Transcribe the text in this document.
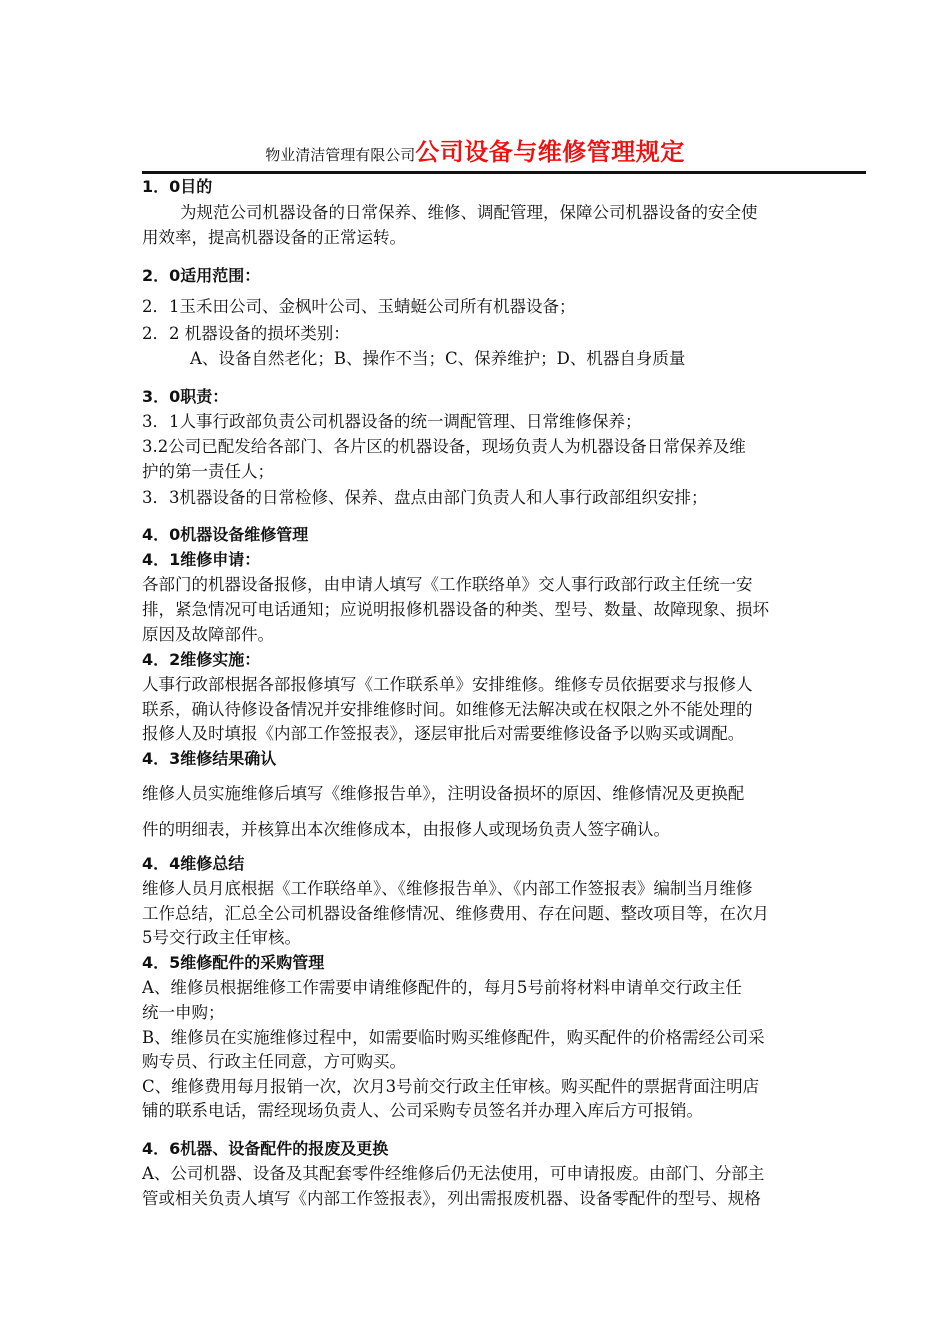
物业清洁管理有限公司公司设备与维修管理规定
1．0目的
为规范公司机器设备的日常保养、维修、调配管理，保障公司机器设备的安全使
用效率，提高机器设备的正常运转。
2．0适用范围：
2．1玉禾田公司、金枫叶公司、玉蜻蜓公司所有机器设备；
2．2 机器设备的损坏类别：
A、设备自然老化；B、操作不当；C、保养维护；D、机器自身质量
3．0职责：
3．1人事行政部负责公司机器设备的统一调配管理、日常维修保养；
3.2公司已配发给各部门、各片区的机器设备，现场负责人为机器设备日常保养及维
护的第一责任人；
3．3机器设备的日常检修、保养、盘点由部门负责人和人事行政部组织安排；
4．0机器设备维修管理
4．1维修申请：
各部门的机器设备报修，由申请人填写《工作联络单》交人事行政部行政主任统一安
排，紧急情况可电话通知；应说明报修机器设备的种类、型号、数量、故障现象、损坏
原因及故障部件。
4．2维修实施：
人事行政部根据各部报修填写《工作联系单》安排维修。维修专员依据要求与报修人
联系，确认待修设备情况并安排维修时间。如维修无法解决或在权限之外不能处理的
报修人及时填报《内部工作签报表》，逐层审批后对需要维修设备予以购买或调配。
4．3维修结果确认
维修人员实施维修后填写《维修报告单》，注明设备损坏的原因、维修情况及更换配
件的明细表，并核算出本次维修成本，由报修人或现场负责人签字确认。
4．4维修总结
维修人员月底根据《工作联络单》、《维修报告单》、《内部工作签报表》编制当月维修
工作总结，汇总全公司机器设备维修情况、维修费用、存在问题、整改项目等，在次月
5号交行政主任审核。
4．5维修配件的采购管理
A、维修员根据维修工作需要申请维修配件的，每月5号前将材料申请单交行政主任
统一申购；
B、维修员在实施维修过程中，如需要临时购买维修配件，购买配件的价格需经公司采
购专员、行政主任同意，方可购买。
C、维修费用每月报销一次，次月3号前交行政主任审核。购买配件的票据背面注明店
铺的联系电话，需经现场负责人、公司采购专员签名并办理入库后方可报销。
4．6机器、设备配件的报废及更换
A、公司机器、设备及其配套零件经维修后仍无法使用，可申请报废。由部门、分部主
管或相关负责人填写《内部工作签报表》，列出需报废机器、设备零配件的型号、规格
